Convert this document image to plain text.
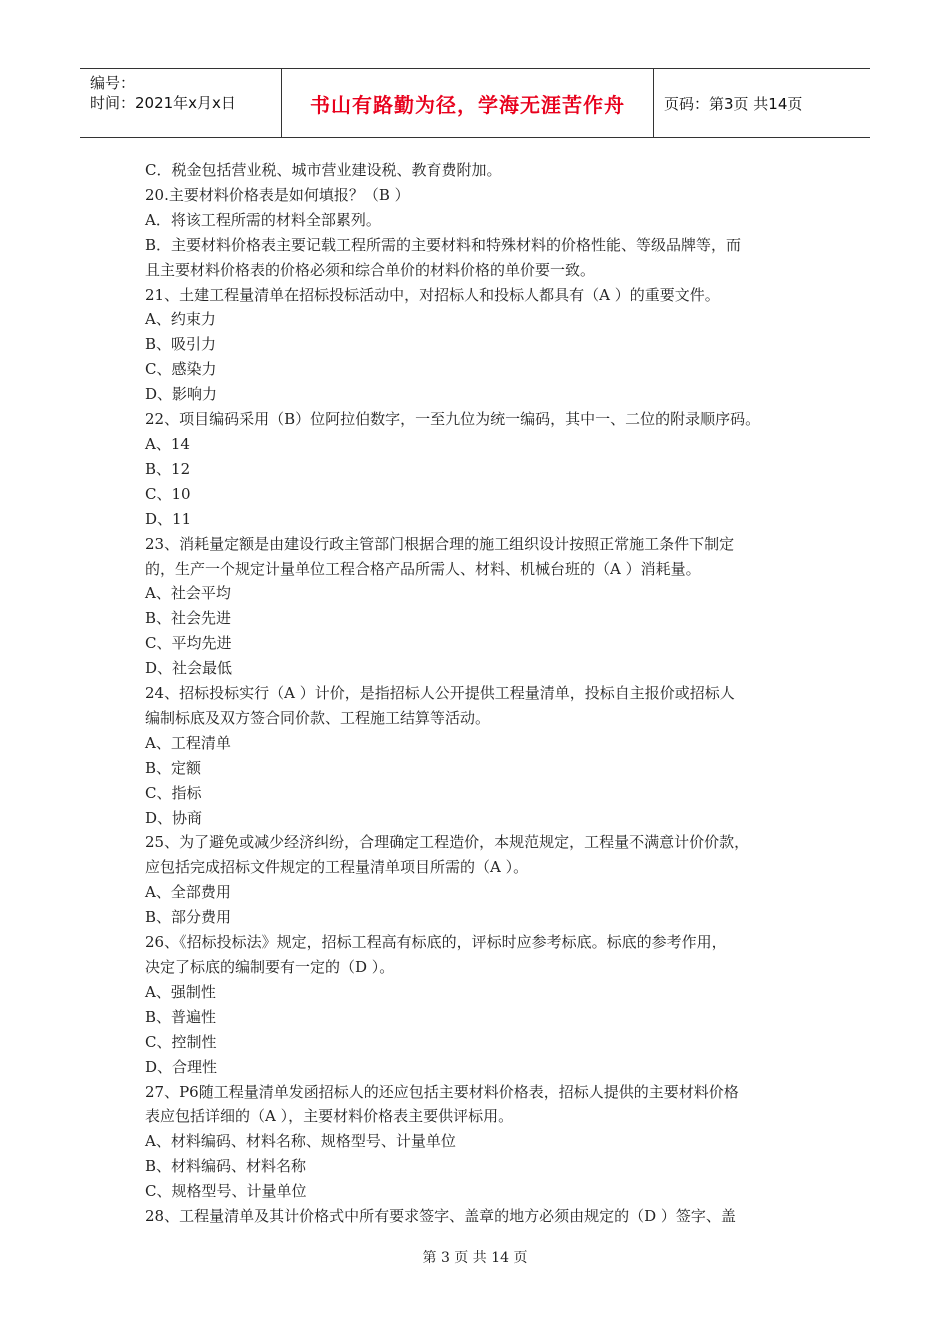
编号：
时间：2021年x月x日	书山有路勤为径，学海无涯苦作舟	页码：第3页 共14页
C．税金包括营业税、城市营业建设税、教育费附加。
20.主要材料价格表是如何填报？（B ）
A．将该工程所需的材料全部累列。
B．主要材料价格表主要记载工程所需的主要材料和特殊材料的价格性能、等级品牌等，而
且主要材料价格表的价格必须和综合单价的材料价格的单价要一致。
21、土建工程量清单在招标投标活动中，对招标人和投标人都具有（A ）的重要文件。
A、约束力
B、吸引力
C、感染力
D、影响力
22、项目编码采用（B）位阿拉伯数字，一至九位为统一编码，其中一、二位的附录顺序码。
A、14
B、12
C、10
D、11
23、消耗量定额是由建设行政主管部门根据合理的施工组织设计按照正常施工条件下制定
的，生产一个规定计量单位工程合格产品所需人、材料、机械台班的（A ）消耗量。
A、社会平均
B、社会先进
C、平均先进
D、社会最低
24、招标投标实行（A ）计价，是指招标人公开提供工程量清单，投标自主报价或招标人
编制标底及双方签合同价款、工程施工结算等活动。
A、工程清单
B、定额
C、指标
D、协商
25、为了避免或减少经济纠纷，合理确定工程造价，本规范规定，工程量不满意计价价款，
应包括完成招标文件规定的工程量清单项目所需的（A ）。
A、全部费用
B、部分费用
26、《招标投标法》规定，招标工程高有标底的，评标时应参考标底。标底的参考作用，
决定了标底的编制要有一定的（D ）。
A、强制性
B、普遍性
C、控制性
D、合理性
27、P6随工程量清单发函招标人的还应包括主要材料价格表，招标人提供的主要材料价格
表应包括详细的（A ），主要材料价格表主要供评标用。
A、材料编码、材料名称、规格型号、计量单位
B、材料编码、材料名称
C、规格型号、计量单位
28、工程量清单及其计价格式中所有要求签字、盖章的地方必须由规定的（D ）签字、盖
第 3 页 共 14 页
